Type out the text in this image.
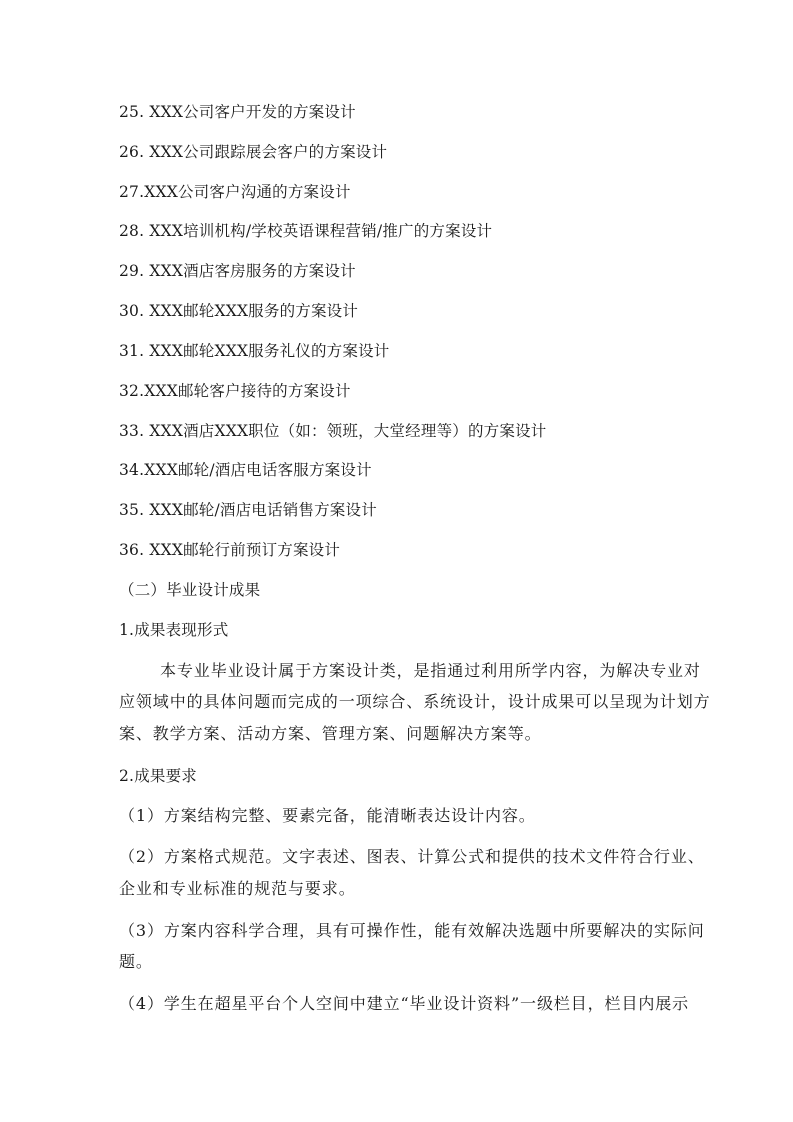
25. XXX公司客户开发的方案设计
26. XXX公司跟踪展会客户的方案设计
27.XXX公司客户沟通的方案设计
28. XXX培训机构/学校英语课程营销/推广的方案设计
29. XXX酒店客房服务的方案设计
30. XXX邮轮XXX服务的方案设计
31. XXX邮轮XXX服务礼仪的方案设计
32.XXX邮轮客户接待的方案设计
33. XXX酒店XXX职位（如：领班，大堂经理等）的方案设计
34.XXX邮轮/酒店电话客服方案设计
35. XXX邮轮/酒店电话销售方案设计
36. XXX邮轮行前预订方案设计
（二）毕业设计成果
1.成果表现形式
本专业毕业设计属于方案设计类，是指通过利用所学内容，为解决专业对
应领域中的具体问题而完成的一项综合、系统设计，设计成果可以呈现为计划方
案、教学方案、活动方案、管理方案、问题解决方案等。
2.成果要求
（1）方案结构完整、要素完备，能清晰表达设计内容。
（2）方案格式规范。文字表述、图表、计算公式和提供的技术文件符合行业、
企业和专业标准的规范与要求。
（3）方案内容科学合理，具有可操作性，能有效解决选题中所要解决的实际问
题。
（4）学生在超星平台个人空间中建立“毕业设计资料”一级栏目，栏目内展示
